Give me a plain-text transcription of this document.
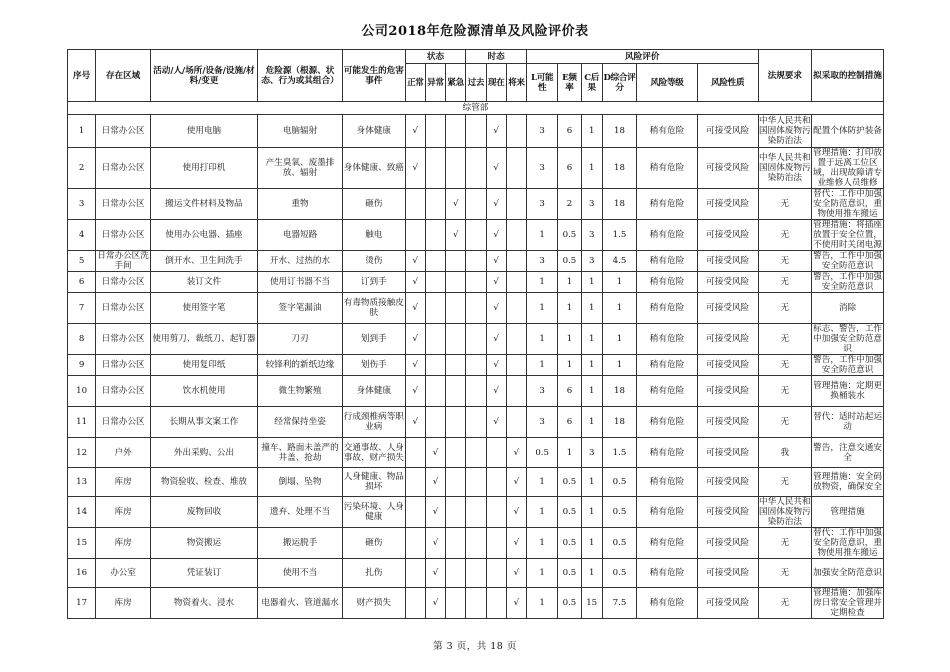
公司2018年危险源清单及风险评价表
序号	存在区域	活动/人/场所/设备/设施/材料/变更	危险源（根源、状态、行为或其组合）	可能发生的危害事件	状态			时态			风险评价						法规要求	拟采取的控制措施
					正常	异常	紧急	过去	现在	将来	L可能性	E频率	C后果	D综合评分	风险等级	风险性质		
综管部																		
1	日常办公区	使用电脑	电脑辐射	身体健康	√				√		3	6	1	18	稍有危险	可接受风险	中华人民共和国固体废物污染防治法	配置个体防护装备
2	日常办公区	使用打印机	产生臭氧、废墨排放、辐射	身体健康、致癌	√				√		3	6	1	18	稍有危险	可接受风险	中华人民共和国固体废物污染防治法	管理措施：打印放置于远离工位区域，出现故障请专业维修人员维修
3	日常办公区	搬运文件材料及物品	重物	砸伤			√		√		3	2	3	18	稍有危险	可接受风险	无	替代：工作中加强安全防范意识，重物使用推车搬运
4	日常办公区	使用办公电器、插座	电器短路	触电			√		√		1	0.5	3	1.5	稍有危险	可接受风险	无	管理措施：将插座放置于安全位置，不使用时关闭电源
5	日常办公区洗手间	倒开水、卫生间洗手	开水、过热的水	烫伤	√				√		3	0.5	3	4.5	稍有危险	可接受风险	无	警告，工作中加强安全防范意识
6	日常办公区	装订文件	使用订书器不当	订到手	√				√		1	1	1	1	稍有危险	可接受风险	无	警告，工作中加强安全防范意识
7	日常办公区	使用签字笔	签字笔漏油	有毒物质接触皮肤	√				√		1	1	1	1	稍有危险	可接受风险	无	消除
8	日常办公区	使用剪刀、裁纸刀、起钉器	刀刃	划到手	√				√		1	1	1	1	稍有危险	可接受风险	无	标志、警告，工作中加强安全防范意识
9	日常办公区	使用复印纸	较锋利的新纸边缘	划伤手	√				√		1	1	1	1	稍有危险	可接受风险	无	警告，工作中加强安全防范意识
10	日常办公区	饮水机使用	微生物繁殖	身体健康	√				√		3	6	1	18	稍有危险	可接受风险	无	管理措施：定期更换桶装水
11	日常办公区	长期从事文案工作	经常保持坐姿	行成颈椎病等职业病	√				√		3	6	1	18	稍有危险	可接受风险	无	替代：适时站起运动
12	户外	外出采购、公出	撞车、路面未盖严的井盖、抢劫	交通事故、人身事故、财产损失		√				√	0.5	1	3	1.5	稍有危险	可接受风险	我	警告，注意交通安全
13	库房	物资验收、检查、堆放	倒塌、坠物	人身健康、物品损坏		√				√	1	0.5	1	0.5	稍有危险	可接受风险	无	管理措施：安全码放物资，确保安全
14	库房	废物回收	遗弃、处理不当	污染环境、人身健康		√				√	1	0.5	1	0.5	稍有危险	可接受风险	中华人民共和国固体废物污染防治法	管理措施
15	库房	物资搬运	搬运脱手	砸伤		√				√	1	0.5	1	0.5	稍有危险	可接受风险	无	替代：工作中加强安全防范意识，重物使用推车搬运
16	办公室	凭证装订	使用不当	扎伤		√				√	1	0.5	1	0.5	稍有危险	可接受风险	无	加强安全防范意识
17	库房	物资着火、浸水	电器着火、管道漏水	财产损失		√				√	1	0.5	15	7.5	稍有危险	可接受风险	无	管理措施：加强库房日常安全管理并定期检查
第 3 页，共 18 页
